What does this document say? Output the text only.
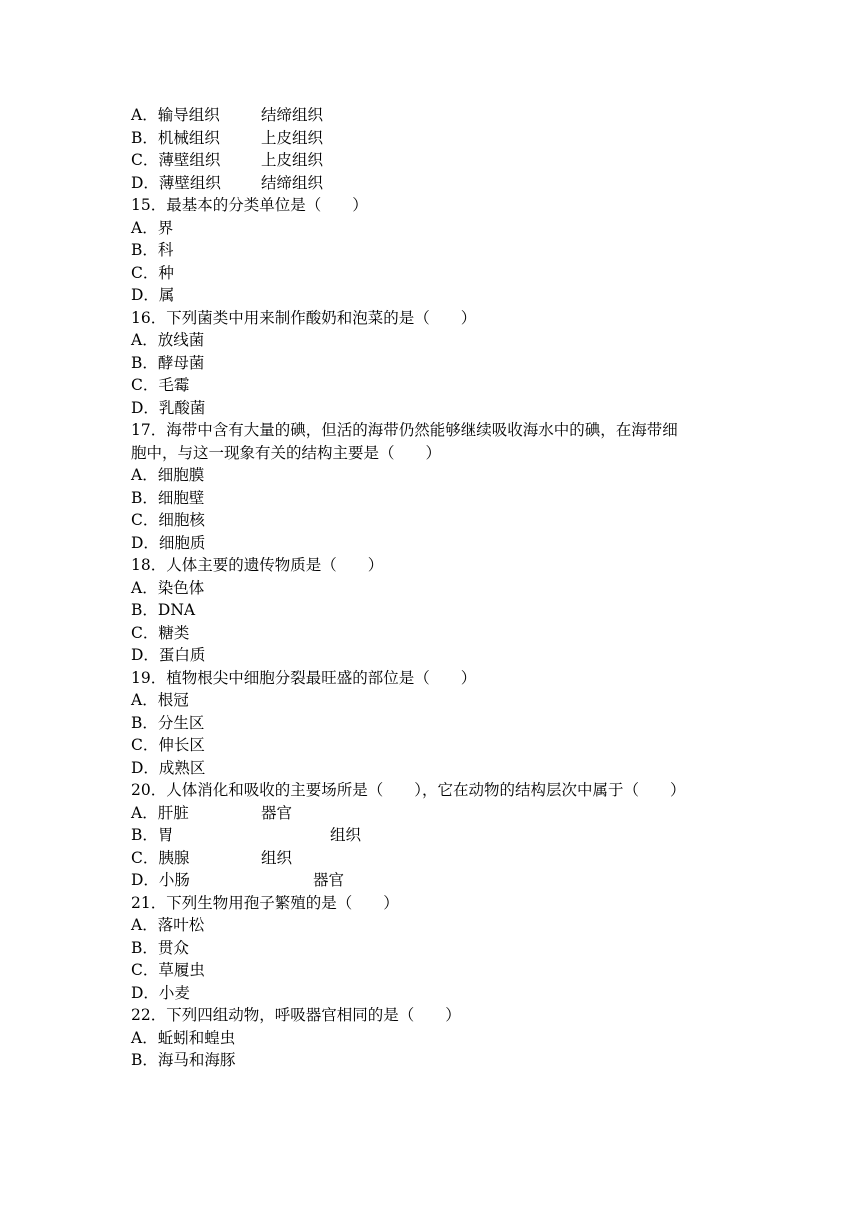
A．输导组织	结缔组织
B．机械组织	上皮组织
C．薄壁组织	上皮组织
D．薄壁组织	结缔组织
15．最基本的分类单位是（　　）
A．界
B．科
C．种
D．属
16．下列菌类中用来制作酸奶和泡菜的是（　　）
A．放线菌
B．酵母菌
C．毛霉
D．乳酸菌
17．海带中含有大量的碘，但活的海带仍然能够继续吸收海水中的碘，在海带细
胞中，与这一现象有关的结构主要是（　　）
A．细胞膜
B．细胞壁
C．细胞核
D．细胞质
18．人体主要的遗传物质是（　　）
A．染色体
B．DNA
C．糖类
D．蛋白质
19．植物根尖中细胞分裂最旺盛的部位是（　　）
A．根冠
B．分生区
C．伸长区
D．成熟区
20．人体消化和吸收的主要场所是（　　），它在动物的结构层次中属于（　　）
A．肝脏	器官
B．胃	组织
C．胰腺	组织
D．小肠	器官
21．下列生物用孢子繁殖的是（　　）
A．落叶松
B．贯众
C．草履虫
D．小麦
22．下列四组动物，呼吸器官相同的是（　　）
A．蚯蚓和蝗虫
B．海马和海豚
